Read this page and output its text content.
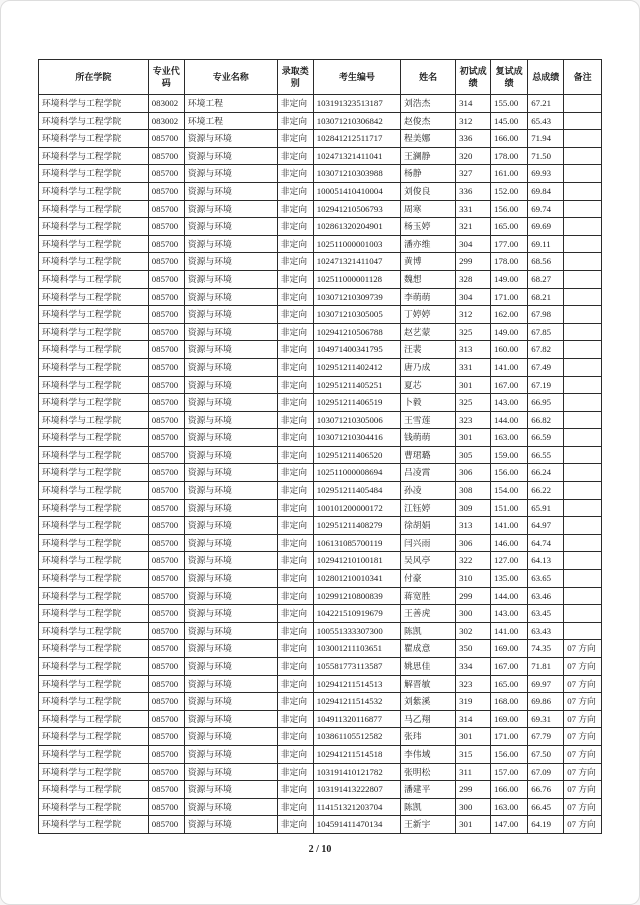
所在学院	专业代码	专业名称	录取类别	考生编号	姓名	初试成绩	复试成绩	总成绩	备注
环境科学与工程学院	083002	环境工程	非定向	103191323513187	刘浩杰	314	155.00	67.21	
环境科学与工程学院	083002	环境工程	非定向	103071210306842	赵俊杰	312	145.00	65.43	
环境科学与工程学院	085700	资源与环境	非定向	102841212511717	程美娜	336	166.00	71.94	
环境科学与工程学院	085700	资源与环境	非定向	102471321411041	王澜静	320	178.00	71.50	
环境科学与工程学院	085700	资源与环境	非定向	103071210303988	杨静	327	161.00	69.93	
环境科学与工程学院	085700	资源与环境	非定向	100051410410004	刘俊良	336	152.00	69.84	
环境科学与工程学院	085700	资源与环境	非定向	102941210506793	周寒	331	156.00	69.74	
环境科学与工程学院	085700	资源与环境	非定向	102861320204901	杨玉婷	321	165.00	69.69	
环境科学与工程学院	085700	资源与环境	非定向	102511000001003	潘亦维	304	177.00	69.11	
环境科学与工程学院	085700	资源与环境	非定向	102471321411047	黄博	299	178.00	68.56	
环境科学与工程学院	085700	资源与环境	非定向	102511000001128	魏想	328	149.00	68.27	
环境科学与工程学院	085700	资源与环境	非定向	103071210309739	李萌萌	304	171.00	68.21	
环境科学与工程学院	085700	资源与环境	非定向	103071210305005	丁婷婷	312	162.00	67.98	
环境科学与工程学院	085700	资源与环境	非定向	102941210506788	赵艺蒙	325	149.00	67.85	
环境科学与工程学院	085700	资源与环境	非定向	104971400341795	汪裴	313	160.00	67.82	
环境科学与工程学院	085700	资源与环境	非定向	102951211402412	唐乃成	331	141.00	67.49	
环境科学与工程学院	085700	资源与环境	非定向	102951211405251	夏芯	301	167.00	67.19	
环境科学与工程学院	085700	资源与环境	非定向	102951211406519	卜毅	325	143.00	66.95	
环境科学与工程学院	085700	资源与环境	非定向	103071210305006	王雪莲	323	144.00	66.82	
环境科学与工程学院	085700	资源与环境	非定向	103071210304416	钱萌萌	301	163.00	66.59	
环境科学与工程学院	085700	资源与环境	非定向	102951211406520	曹珺璐	305	159.00	66.55	
环境科学与工程学院	085700	资源与环境	非定向	102511000008694	吕凌霄	306	156.00	66.24	
环境科学与工程学院	085700	资源与环境	非定向	102951211405484	孙凌	308	154.00	66.22	
环境科学与工程学院	085700	资源与环境	非定向	100101200000172	江钰婷	309	151.00	65.91	
环境科学与工程学院	085700	资源与环境	非定向	102951211408279	徐胡娟	313	141.00	64.97	
环境科学与工程学院	085700	资源与环境	非定向	106131085700119	闫兴雨	306	146.00	64.74	
环境科学与工程学院	085700	资源与环境	非定向	102941210100181	吴风亭	322	127.00	64.13	
环境科学与工程学院	085700	资源与环境	非定向	102801210010341	付豪	310	135.00	63.65	
环境科学与工程学院	085700	资源与环境	非定向	102991210800839	蒋宽胜	299	144.00	63.46	
环境科学与工程学院	085700	资源与环境	非定向	104221510919679	王善虎	300	143.00	63.45	
环境科学与工程学院	085700	资源与环境	非定向	100551333307300	陈凯	302	141.00	63.43	
环境科学与工程学院	085700	资源与环境	非定向	103001211103651	瞿成意	350	169.00	74.35	07 方向
环境科学与工程学院	085700	资源与环境	非定向	105581773113587	姚思佳	334	167.00	71.81	07 方向
环境科学与工程学院	085700	资源与环境	非定向	102941211514513	解晋敏	323	165.00	69.97	07 方向
环境科学与工程学院	085700	资源与环境	非定向	102941211514532	刘紫溪	319	168.00	69.86	07 方向
环境科学与工程学院	085700	资源与环境	非定向	104911320116877	马乙翔	314	169.00	69.31	07 方向
环境科学与工程学院	085700	资源与环境	非定向	103861105512582	张玮	301	171.00	67.79	07 方向
环境科学与工程学院	085700	资源与环境	非定向	102941211514518	李伟域	315	156.00	67.50	07 方向
环境科学与工程学院	085700	资源与环境	非定向	103191410121782	张明松	311	157.00	67.09	07 方向
环境科学与工程学院	085700	资源与环境	非定向	103191413222807	潘建平	299	166.00	66.76	07 方向
环境科学与工程学院	085700	资源与环境	非定向	114151321203704	陈凯	300	163.00	66.45	07 方向
环境科学与工程学院	085700	资源与环境	非定向	104591411470134	王新宇	301	147.00	64.19	07 方向
2 / 10
